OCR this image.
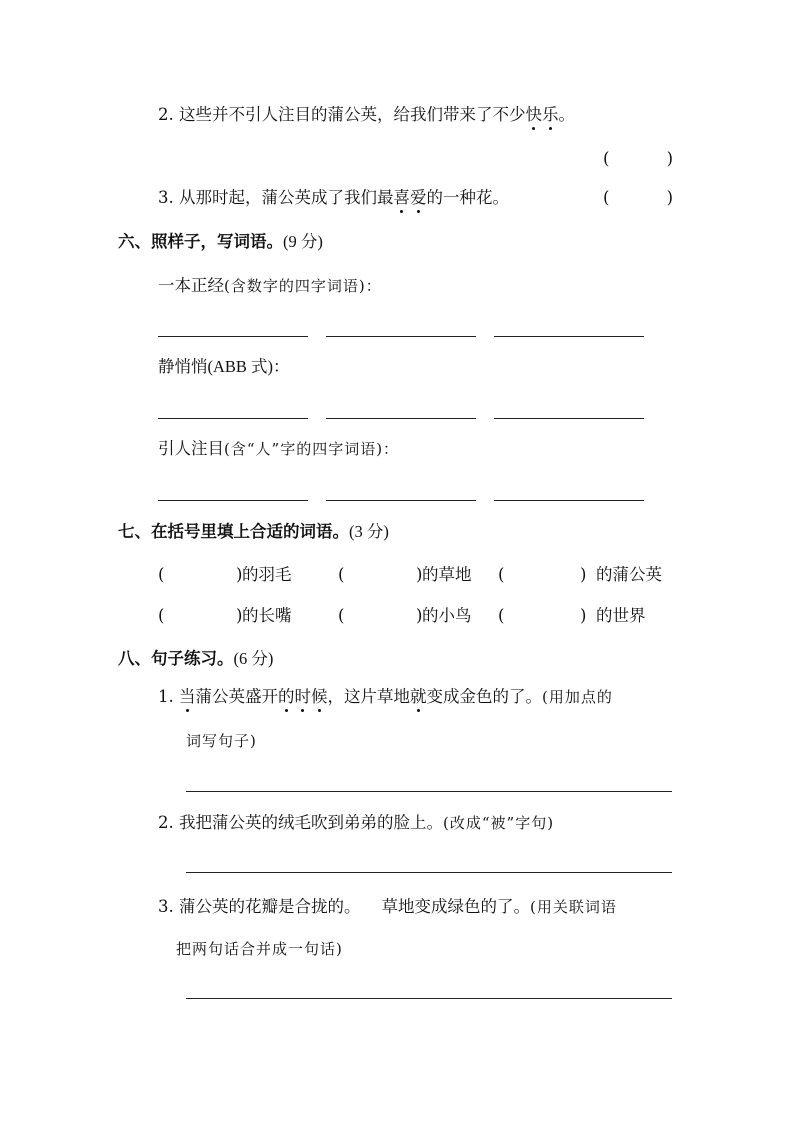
2. 这些并不引人注目的蒲公英，给我们带来了不少快乐。
(	)
3. 从那时起，蒲公英成了我们最喜爱的一种花。	(	)
六、照样子，写词语。(9 分)
一本正经(含数字的四字词语)：
静悄悄(ABB 式)：
引人注目(含“人”字的四字词语)：
七、在括号里填上合适的词语。(3 分)
(	) 的羽毛	(	) 的草地 (	) 的蒲公英
(	) 的长嘴	(	) 的小鸟 (	) 的世界
八、句子练习。(6 分)
1. 当蒲公英盛开的时候，这片草地就变成金色的了。(用加点的
词写句子)
2. 我把蒲公英的绒毛吹到弟弟的脸上。(改成“被”字句)
3. 蒲公英的花瓣是合拢的。 草地变成绿色的了。(用关联词语
把两句话合并成一句话)
